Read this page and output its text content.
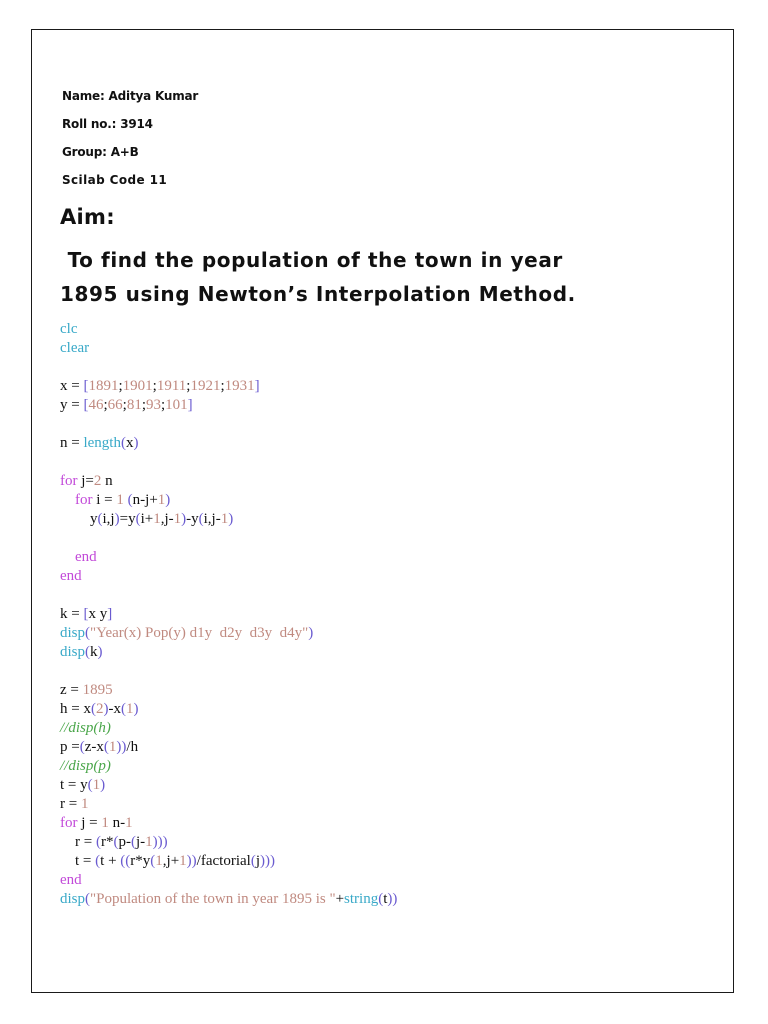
Name: Aditya Kumar
Roll no.: 3914
Group: A+B
Scilab Code 11
Aim:
To find the population of the town in year
1895 using Newton’s Interpolation Method.
clc
clear

x = [1891;1901;1911;1921;1931]
y = [46;66;81;93;101]

n = length(x)

for j=2 n
for i = 1 (n-j+1)
y(i,j)=y(i+1,j-1)-y(i,j-1)

end
end

k = [x y]
disp("Year(x) Pop(y) d1y  d2y  d3y  d4y")
disp(k)

z = 1895
h = x(2)-x(1)
//disp(h)
p =(z-x(1))/h
//disp(p)
t = y(1)
r = 1
for j = 1 n-1
r = (r*(p-(j-1)))
t = (t + ((r*y(1,j+1))/factorial(j)))
end
disp("Population of the town in year 1895 is "+string(t))
